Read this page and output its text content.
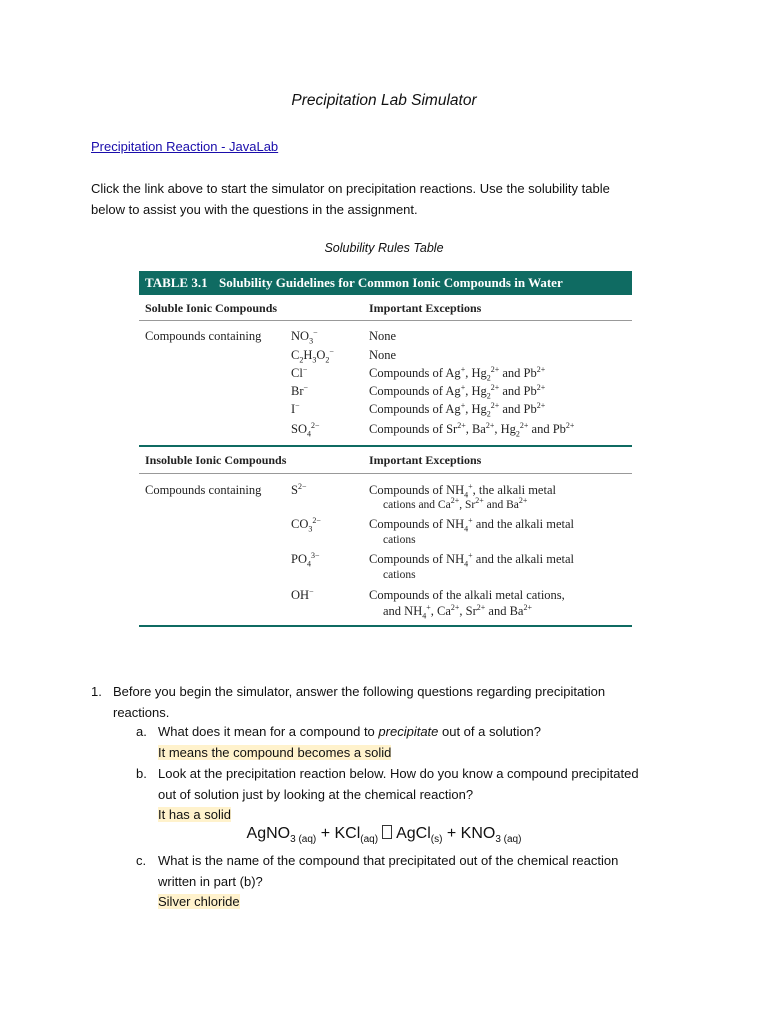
Precipitation Lab Simulator
Precipitation Reaction - JavaLab
Click the link above to start the simulator on precipitation reactions. Use the solubility table
below to assist you with the questions in the assignment.
Solubility Rules Table
TABLE 3.1 Solubility Guidelines for Common Ionic Compounds in Water
Soluble Ionic Compounds	Important Exceptions
Compounds containing $NO_3^-$
$C_2H_3O_2^-$
Cl−
Br−
I−
$SO_4^{2-}$
None
None
Compounds of Ag+, $Hg_2^{2+}$ and $Pb^{2+}$
Compounds of Ag+, $Hg_2^{2+}$ and $Pb^{2+}$
Compounds of Ag+, $Hg_2^{2+}$ and $Pb^{2+}$
Compounds of $Sr^{2+}$, $Ba^{2+}$, $Hg_2^{2+}$ and $Pb^{2+}$
Insoluble Ionic Compounds	Important Exceptions
Compounds containing $S^{2-}$
$CO_3^{2-}$
$PO_4^{3-}$
OH−
Compounds of $NH_4^+$, the alkali metal
cations and $Ca^{2+}$, $Sr^{2+}$ and $Ba^{2+}$
Compounds of $NH_4^+$ and the alkali metal
cations
Compounds of $NH_4^+$ and the alkali metal
cations
Compounds of the alkali metal cations,
and $NH_4^+$, $Ca^{2+}$, $Sr^{2+}$ and $Ba^{2+}$
1. Before you begin the simulator, answer the following questions regarding precipitation
reactions.
a. What does it mean for a compound to precipitate out of a solution?
It means the compound becomes a solid
b. Look at the precipitation reaction below. How do you know a compound precipitated
out of solution just by looking at the chemical reaction?
It has a solid
AgNO$_{3 (aq)}$ + KCl$_{(aq)}$ AgCl$_{(s)}$ + $KNO_{3 (aq)}$
c. What is the name of the compound that precipitated out of the chemical reaction
written in part (b)?
Silver chloride
